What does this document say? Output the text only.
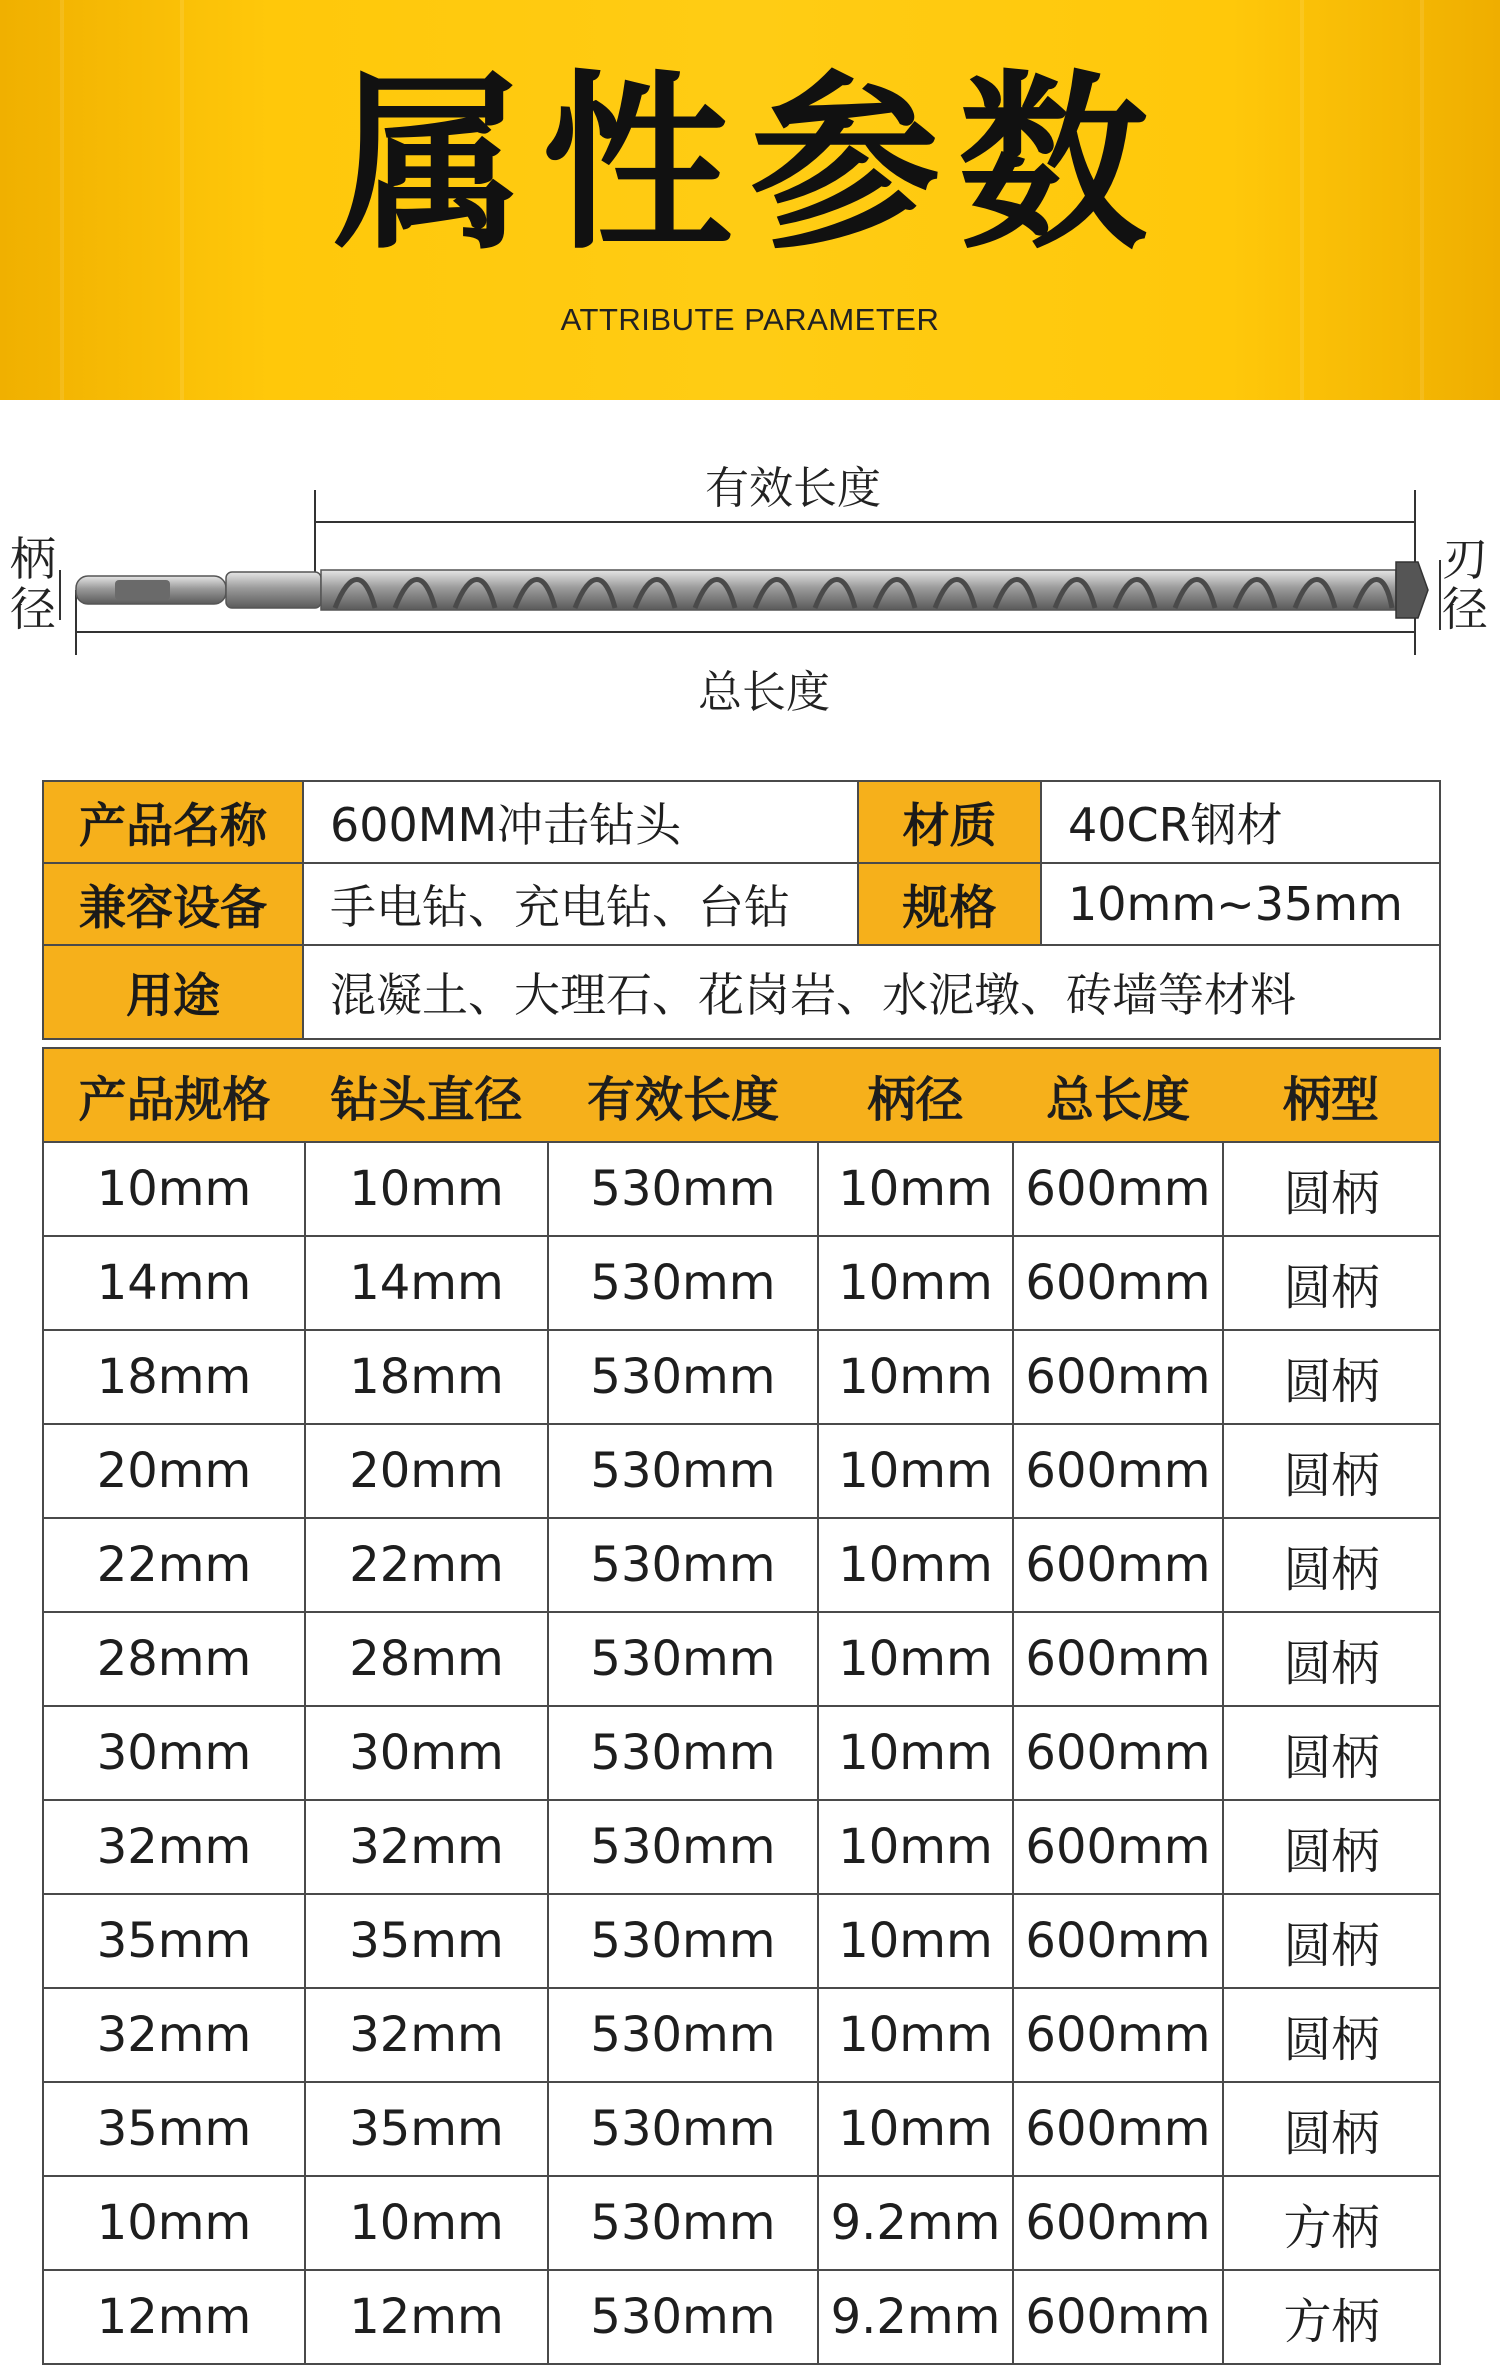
属性参数
ATTRIBUTE PARAMETER
有效长度
总长度
柄径
刃径
产品名称	600MM冲击钻头	材质	40CR钢材
兼容设备	手电钻、充电钻、台钻	规格	10mm~35mm
用途	混凝土、大理石、花岗岩、水泥墩、砖墙等材料		
产品规格	钻头直径	有效长度	柄径	总长度	柄型
10mm	10mm	530mm	10mm	600mm	圆柄
14mm	14mm	530mm	10mm	600mm	圆柄
18mm	18mm	530mm	10mm	600mm	圆柄
20mm	20mm	530mm	10mm	600mm	圆柄
22mm	22mm	530mm	10mm	600mm	圆柄
28mm	28mm	530mm	10mm	600mm	圆柄
30mm	30mm	530mm	10mm	600mm	圆柄
32mm	32mm	530mm	10mm	600mm	圆柄
35mm	35mm	530mm	10mm	600mm	圆柄
32mm	32mm	530mm	10mm	600mm	圆柄
35mm	35mm	530mm	10mm	600mm	圆柄
10mm	10mm	530mm	9.2mm	600mm	方柄
12mm	12mm	530mm	9.2mm	600mm	方柄
